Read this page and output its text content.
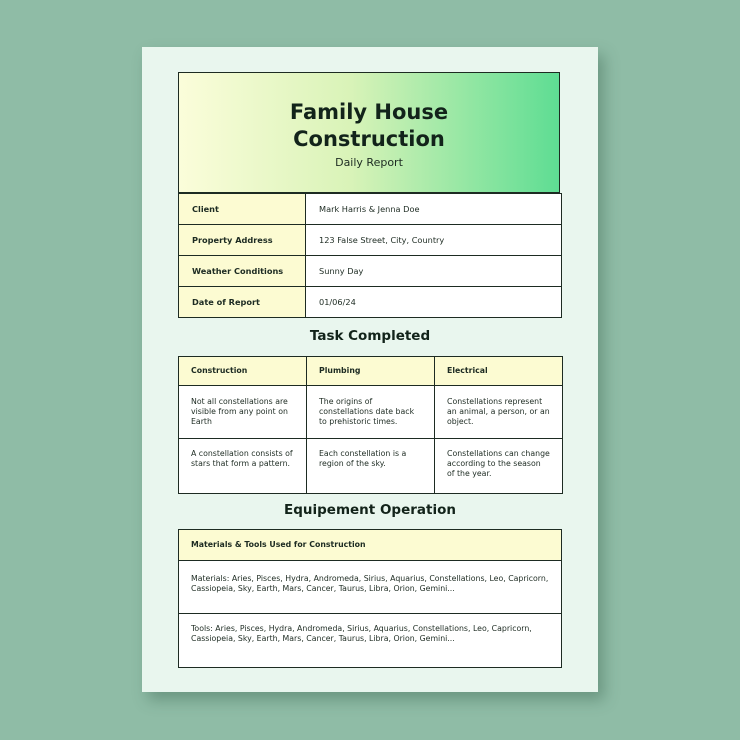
Family House
Construction
Daily Report
Client	Mark Harris & Jenna Doe
Property Address	123 False Street, City, Country
Weather Conditions	Sunny Day
Date of Report	01/06/24
Task Completed
Construction	Plumbing	Electrical
Not all constellations are visible from any point on Earth	The origins of constellations date back to prehistoric times.	Constellations represent an animal, a person, or an object.
A constellation consists of stars that form a pattern.	Each constellation is a region of the sky.	Constellations can change according to the season of the year.
Equipement Operation
Materials & Tools Used for Construction
Materials: Aries, Pisces, Hydra, Andromeda, Sirius, Aquarius, Constellations, Leo, Capricorn, Cassiopeia, Sky, Earth, Mars, Cancer, Taurus, Libra, Orion, Gemini...
Tools: Aries, Pisces, Hydra, Andromeda, Sirius, Aquarius, Constellations, Leo, Capricorn, Cassiopeia, Sky, Earth, Mars, Cancer, Taurus, Libra, Orion, Gemini...
